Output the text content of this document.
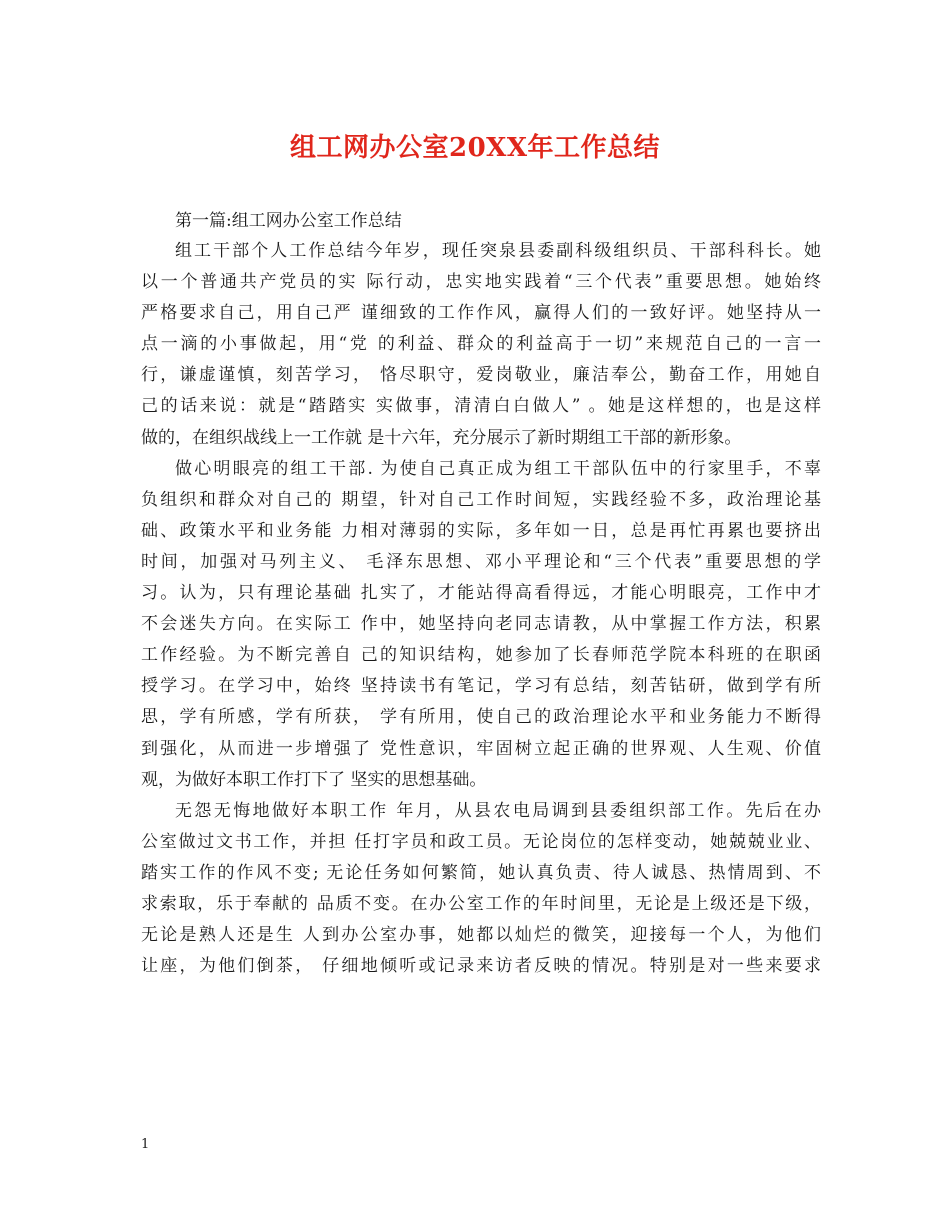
组工网办公室20XX年工作总结

第一篇:组工网办公室工作总结

组工干部个人工作总结今年岁，现任突泉县委副科级组织员、干部科科长。她
以一个普通共产党员的实 际行动，忠实地实践着“三个代表”重要思想。她始终
严格要求自己，用自己严 谨细致的工作作风，赢得人们的一致好评。她坚持从一
点一滴的小事做起，用“党 的利益、群众的利益高于一切”来规范自己的一言一
行，谦虚谨慎，刻苦学习， 恪尽职守，爱岗敬业，廉洁奉公，勤奋工作，用她自
己的话来说：就是“踏踏实 实做事，清清白白做人” 。她是这样想的，也是这样
做的，在组织战线上一工作就 是十六年，充分展示了新时期组工干部的新形象。

做心明眼亮的组工干部. 为使自己真正成为组工干部队伍中的行家里手，不辜
负组织和群众对自己的 期望，针对自己工作时间短，实践经验不多，政治理论基
础、政策水平和业务能 力相对薄弱的实际，多年如一日，总是再忙再累也要挤出
时间，加强对马列主义、 毛泽东思想、邓小平理论和“三个代表”重要思想的学
习。认为，只有理论基础 扎实了，才能站得高看得远，才能心明眼亮，工作中才
不会迷失方向。在实际工 作中，她坚持向老同志请教，从中掌握工作方法，积累
工作经验。为不断完善自 己的知识结构，她参加了长春师范学院本科班的在职函
授学习。在学习中，始终 坚持读书有笔记，学习有总结，刻苦钻研，做到学有所
思，学有所感，学有所获， 学有所用，使自己的政治理论水平和业务能力不断得
到强化，从而进一步增强了 党性意识，牢固树立起正确的世界观、人生观、价值
观，为做好本职工作打下了 坚实的思想基础。

无怨无悔地做好本职工作 年月，从县农电局调到县委组织部工作。先后在办
公室做过文书工作，并担 任打字员和政工员。无论岗位的怎样变动，她兢兢业业、
踏实工作的作风不变; 无论任务如何繁简，她认真负责、待人诚恳、热情周到、不
求索取，乐于奉献的 品质不变。在办公室工作的年时间里，无论是上级还是下级，
无论是熟人还是生 人到办公室办事，她都以灿烂的微笑，迎接每一个人，为他们
让座，为他们倒茶， 仔细地倾听或记录来访者反映的情况。特别是对一些来要求

1
